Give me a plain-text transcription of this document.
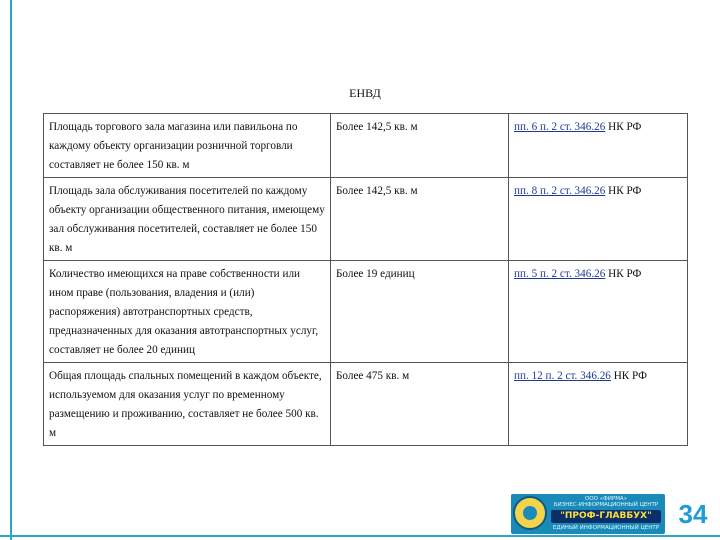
ЕНВД
Площадь торгового зала магазина или павильона по каждому объекту организации розничной торговли составляет не более 150 кв. м	Более 142,5 кв. м	пп. 6 п. 2 ст. 346.26 НК РФ
Площадь зала обслуживания посетителей по каждому объекту организации общественного питания, имеющему зал обслуживания посетителей, составляет не более 150 кв. м	Более 142,5 кв. м	пп. 8 п. 2 ст. 346.26 НК РФ
Количество имеющихся на праве собственности или ином праве (пользования, владения и (или) распоряжения) автотранспортных средств, предназначенных для оказания автотранспортных услуг, составляет не более 20 единиц	Более 19 единиц	пп. 5 п. 2 ст. 346.26 НК РФ
Общая площадь спальных помещений в каждом объекте, используемом для оказания услуг по временному размещению и проживанию, составляет не более 500 кв. м	Более 475 кв. м	пп. 12 п. 2 ст. 346.26 НК РФ
ООО «ФИРМА»
БИЗНЕС-ИНФОРМАЦИОННЫЙ ЦЕНТР
"ПРОФ-ГЛАВБУХ"
ЕДИНЫЙ ИНФОРМАЦИОННЫЙ ЦЕНТР 34
